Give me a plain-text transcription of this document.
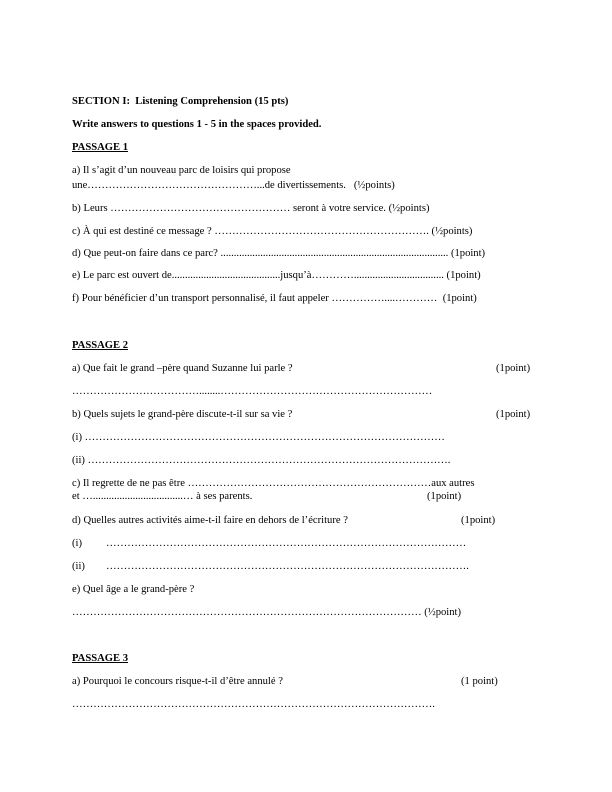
SECTION I:  Listening Comprehension (15 pts)
Write answers to questions 1 - 5 in the spaces provided.
PASSAGE 1
a) Il s’agit d’un nouveau parc de loisirs qui propose
une…………………………………………...de divertissements.   (½points)
b) Leurs …………………………………………… seront à votre service. (½points)
c) À qui est destiné ce message ? ……………………………………………………. (½points)
d) Que peut-on faire dans ce parc? ...................................................................................... (1point)
e) Le parc est ouvert de.........................................jusqu’à………….................................. (1point)
f) Pour bénéficier d’un transport personnalisé, il faut appeler ……………....…………  (1point)
PASSAGE 2
a) Que fait le grand –père quand Suzanne lui parle ?	(1point)
………………………………........……………………………………………………
b) Quels sujets le grand-père discute-t-il sur sa vie ?	(1point)
(i) …………………………………………………………………………………………
(ii) ………………………………………………………………………………………….
c) Il regrette de ne pas être ……………………………………………………………aux autres
et …..................................… à ses parents.	(1point)
d) Quelles autres activités aime-t-il faire en dehors de l’écriture ?	(1point)
(i) …………………………………………………………………………………………
(ii) ………………………………………………………………………………………….
e) Quel âge a le grand-père ?
……………………………………………………………………………………… (½point)
PASSAGE 3
a) Pourquoi le concours risque-t-il d’être annulé ?	(1 point)
………………………………………………………………………………………….
